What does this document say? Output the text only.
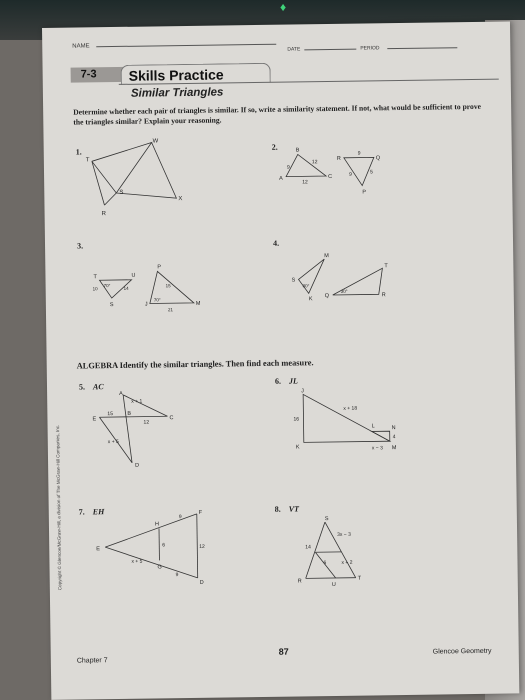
♦
NAME	DATE	PERIOD
7-3	Skills Practice
Similar Triangles
Determine whether each pair of triangles is similar. If so, write a similarity statement. If not, what would be sufficient to prove the triangles similar? Explain your reasoning.
1.
T
W
S
X
R
2.	B
9
12
A
12
C
R
9
Q
9	5
P
3.
T	U
10
70°
14
S
P
15
70°
J
21
M
4.
M
S
80°
K
Q
30°
T
R
ALGEBRA Identify the similar triangles. Then find each measure.
5. AC
A
x + 1
E
15	B
C
12
x + 5
D
6. JL
J
x + 18
16
L	N
4
x − 3 M
K
7. EH	F
H
9
6	12
E
x + 5
G
9
D
8. VT
S
3x − 3
14
6	x + 2
R
U
T
Copyright © Glencoe/McGraw-Hill, a division of The McGraw-Hill Companies, Inc.
Chapter 7
87	Glencoe Geometry
